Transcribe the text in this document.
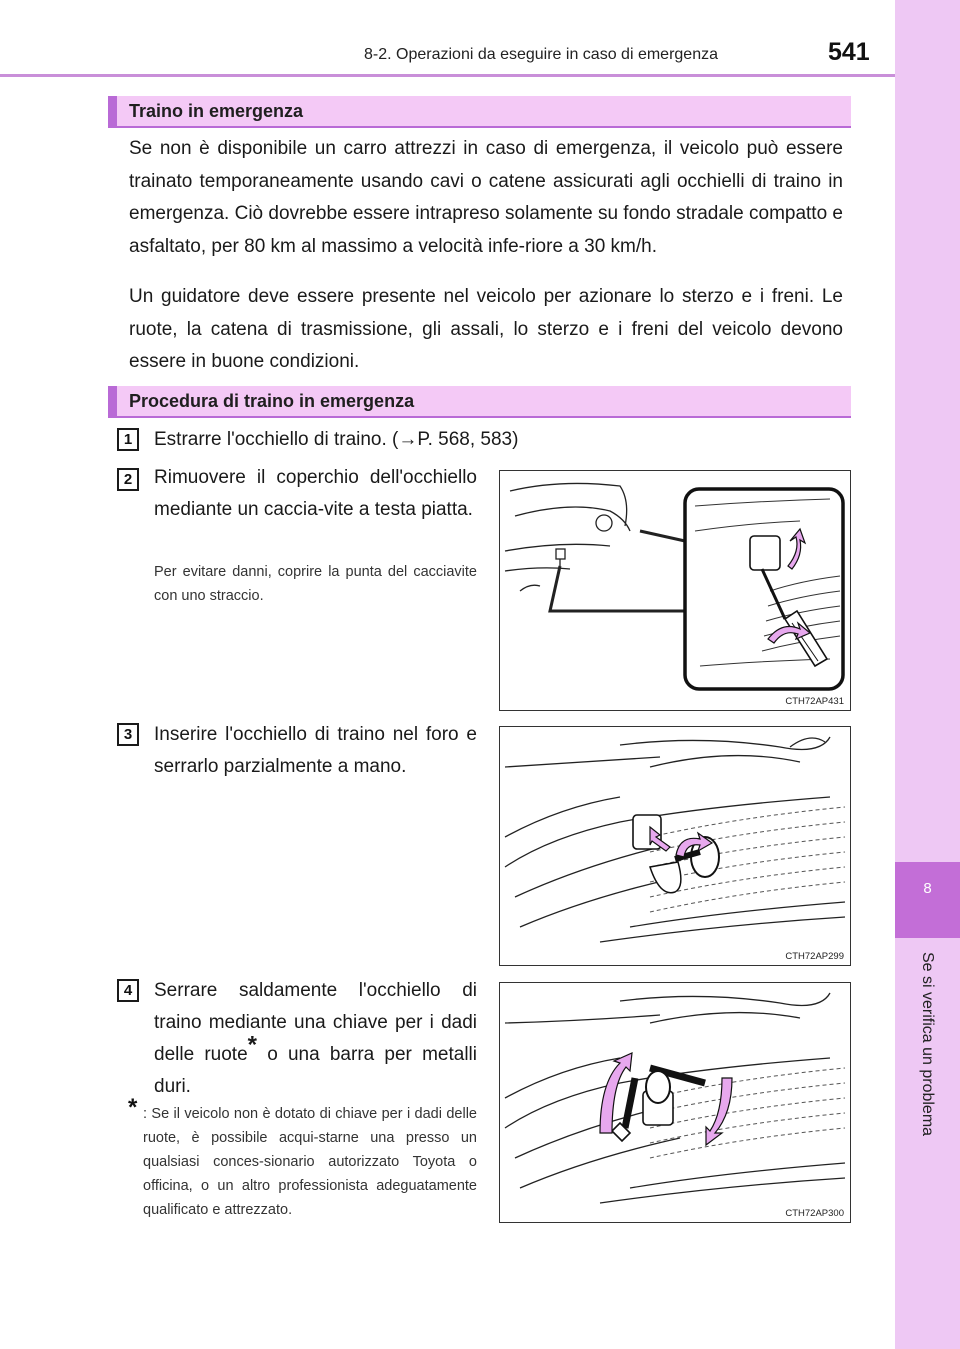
8-2. Operazioni da eseguire in caso di emergenza	541
8
Se si verifica un problema
Traino in emergenza

Se non è disponibile un carro attrezzi in caso di emergenza, il veicolo può essere trainato temporaneamente usando cavi o catene assicurati agli occhielli di traino in emergenza. Ciò dovrebbe essere intrapreso solamente su fondo stradale compatto e asfaltato, per 80 km al massimo a velocità infe-riore a 30 km/h.

Un guidatore deve essere presente nel veicolo per azionare lo sterzo e i freni. Le ruote, la catena di trasmissione, gli assali, lo sterzo e i freni del veicolo devono essere in buone condizioni.

Procedura di traino in emergenza
1	Estrarre l'occhiello di traino. (→P. 568, 583)

2	Rimuovere il coperchio dell'occhiello mediante un caccia-vite a testa piatta.

Per evitare danni, coprire la punta del cacciavite con uno straccio.

CTH72AP431
3	Inserire l'occhiello di traino nel foro e serrarlo parzialmente a mano.

CTH72AP299
4	Serrare saldamente l'occhiello di traino mediante una chiave per i dadi delle ruote* o una barra per metalli duri.

* : Se il veicolo non è dotato di chiave per i dadi delle ruote, è possibile acqui-starne una presso un qualsiasi conces-sionario autorizzato Toyota o officina, o un altro professionista adeguatamente qualificato e attrezzato.	CTH72AP300
